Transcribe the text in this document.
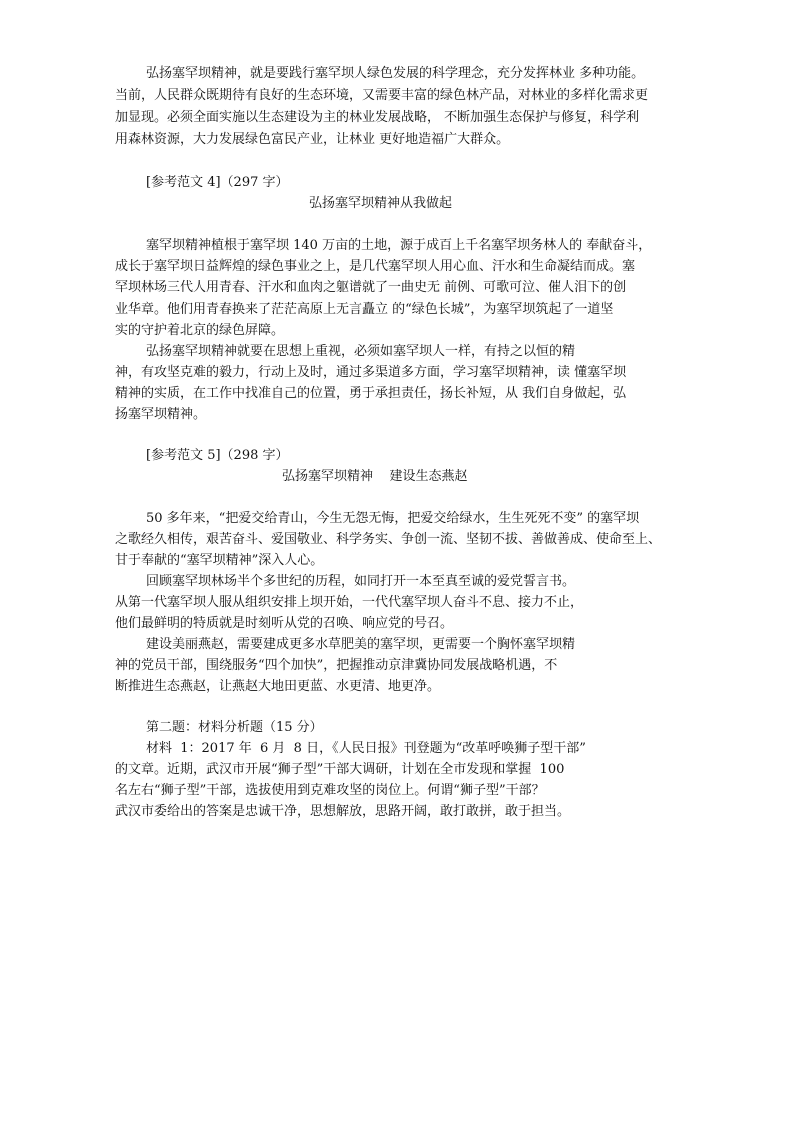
弘扬塞罕坝精神，就是要践行塞罕坝人绿色发展的科学理念，充分发挥林业 多种功能。
当前，人民群众既期待有良好的生态环境，又需要丰富的绿色林产品，对林业的多样化需求更
加显现。必须全面实施以生态建设为主的林业发展战略， 不断加强生态保护与修复，科学利
用森林资源，大力发展绿色富民产业，让林业 更好地造福广大群众。
[参考范文 4]（297 字）
弘扬塞罕坝精神从我做起
塞罕坝精神植根于塞罕坝 140 万亩的土地，源于成百上千名塞罕坝务林人的 奉献奋斗，
成长于塞罕坝日益辉煌的绿色事业之上，是几代塞罕坝人用心血、汗水和生命凝结而成。塞
罕坝林场三代人用青春、汗水和血肉之躯谱就了一曲史无 前例、可歌可泣、催人泪下的创
业华章。他们用青春换来了茫茫高原上无言矗立 的“绿色长城”，为塞罕坝筑起了一道坚
实的守护着北京的绿色屏障。
弘扬塞罕坝精神就要在思想上重视，必须如塞罕坝人一样，有持之以恒的精
神，有攻坚克难的毅力，行动上及时，通过多渠道多方面，学习塞罕坝精神，读 懂塞罕坝
精神的实质，在工作中找准自己的位置，勇于承担责任，扬长补短，从 我们自身做起，弘
扬塞罕坝精神。
[参考范文 5]（298 字）
弘扬塞罕坝精神    建设生态燕赵
50 多年来，“把爱交给青山，今生无怨无悔，把爱交给绿水，生生死死不变” 的塞罕坝
之歌经久相传，艰苦奋斗、爱国敬业、科学务实、争创一流、坚韧不拔、善做善成、使命至上、
甘于奉献的“塞罕坝精神”深入人心。
回顾塞罕坝林场半个多世纪的历程，如同打开一本至真至诚的爱党誓言书。
从第一代塞罕坝人服从组织安排上坝开始，一代代塞罕坝人奋斗不息、接力不止，
他们最鲜明的特质就是时刻听从党的召唤、响应党的号召。
建设美丽燕赵，需要建成更多水草肥美的塞罕坝，更需要一个胸怀塞罕坝精
神的党员干部，围绕服务“四个加快”，把握推动京津冀协同发展战略机遇，不
断推进生态燕赵，让燕赵大地田更蓝、水更清、地更净。
第二题：材料分析题（15 分）
材料  1：2017 年  6 月  8 日，《人民日报》刊登题为“改革呼唤狮子型干部”
的文章。近期，武汉市开展“狮子型”干部大调研，计划在全市发现和掌握  100
名左右“狮子型”干部，选拔使用到克难攻坚的岗位上。何谓“狮子型”干部？
武汉市委给出的答案是忠诚干净，思想解放，思路开阔，敢打敢拼，敢于担当。
